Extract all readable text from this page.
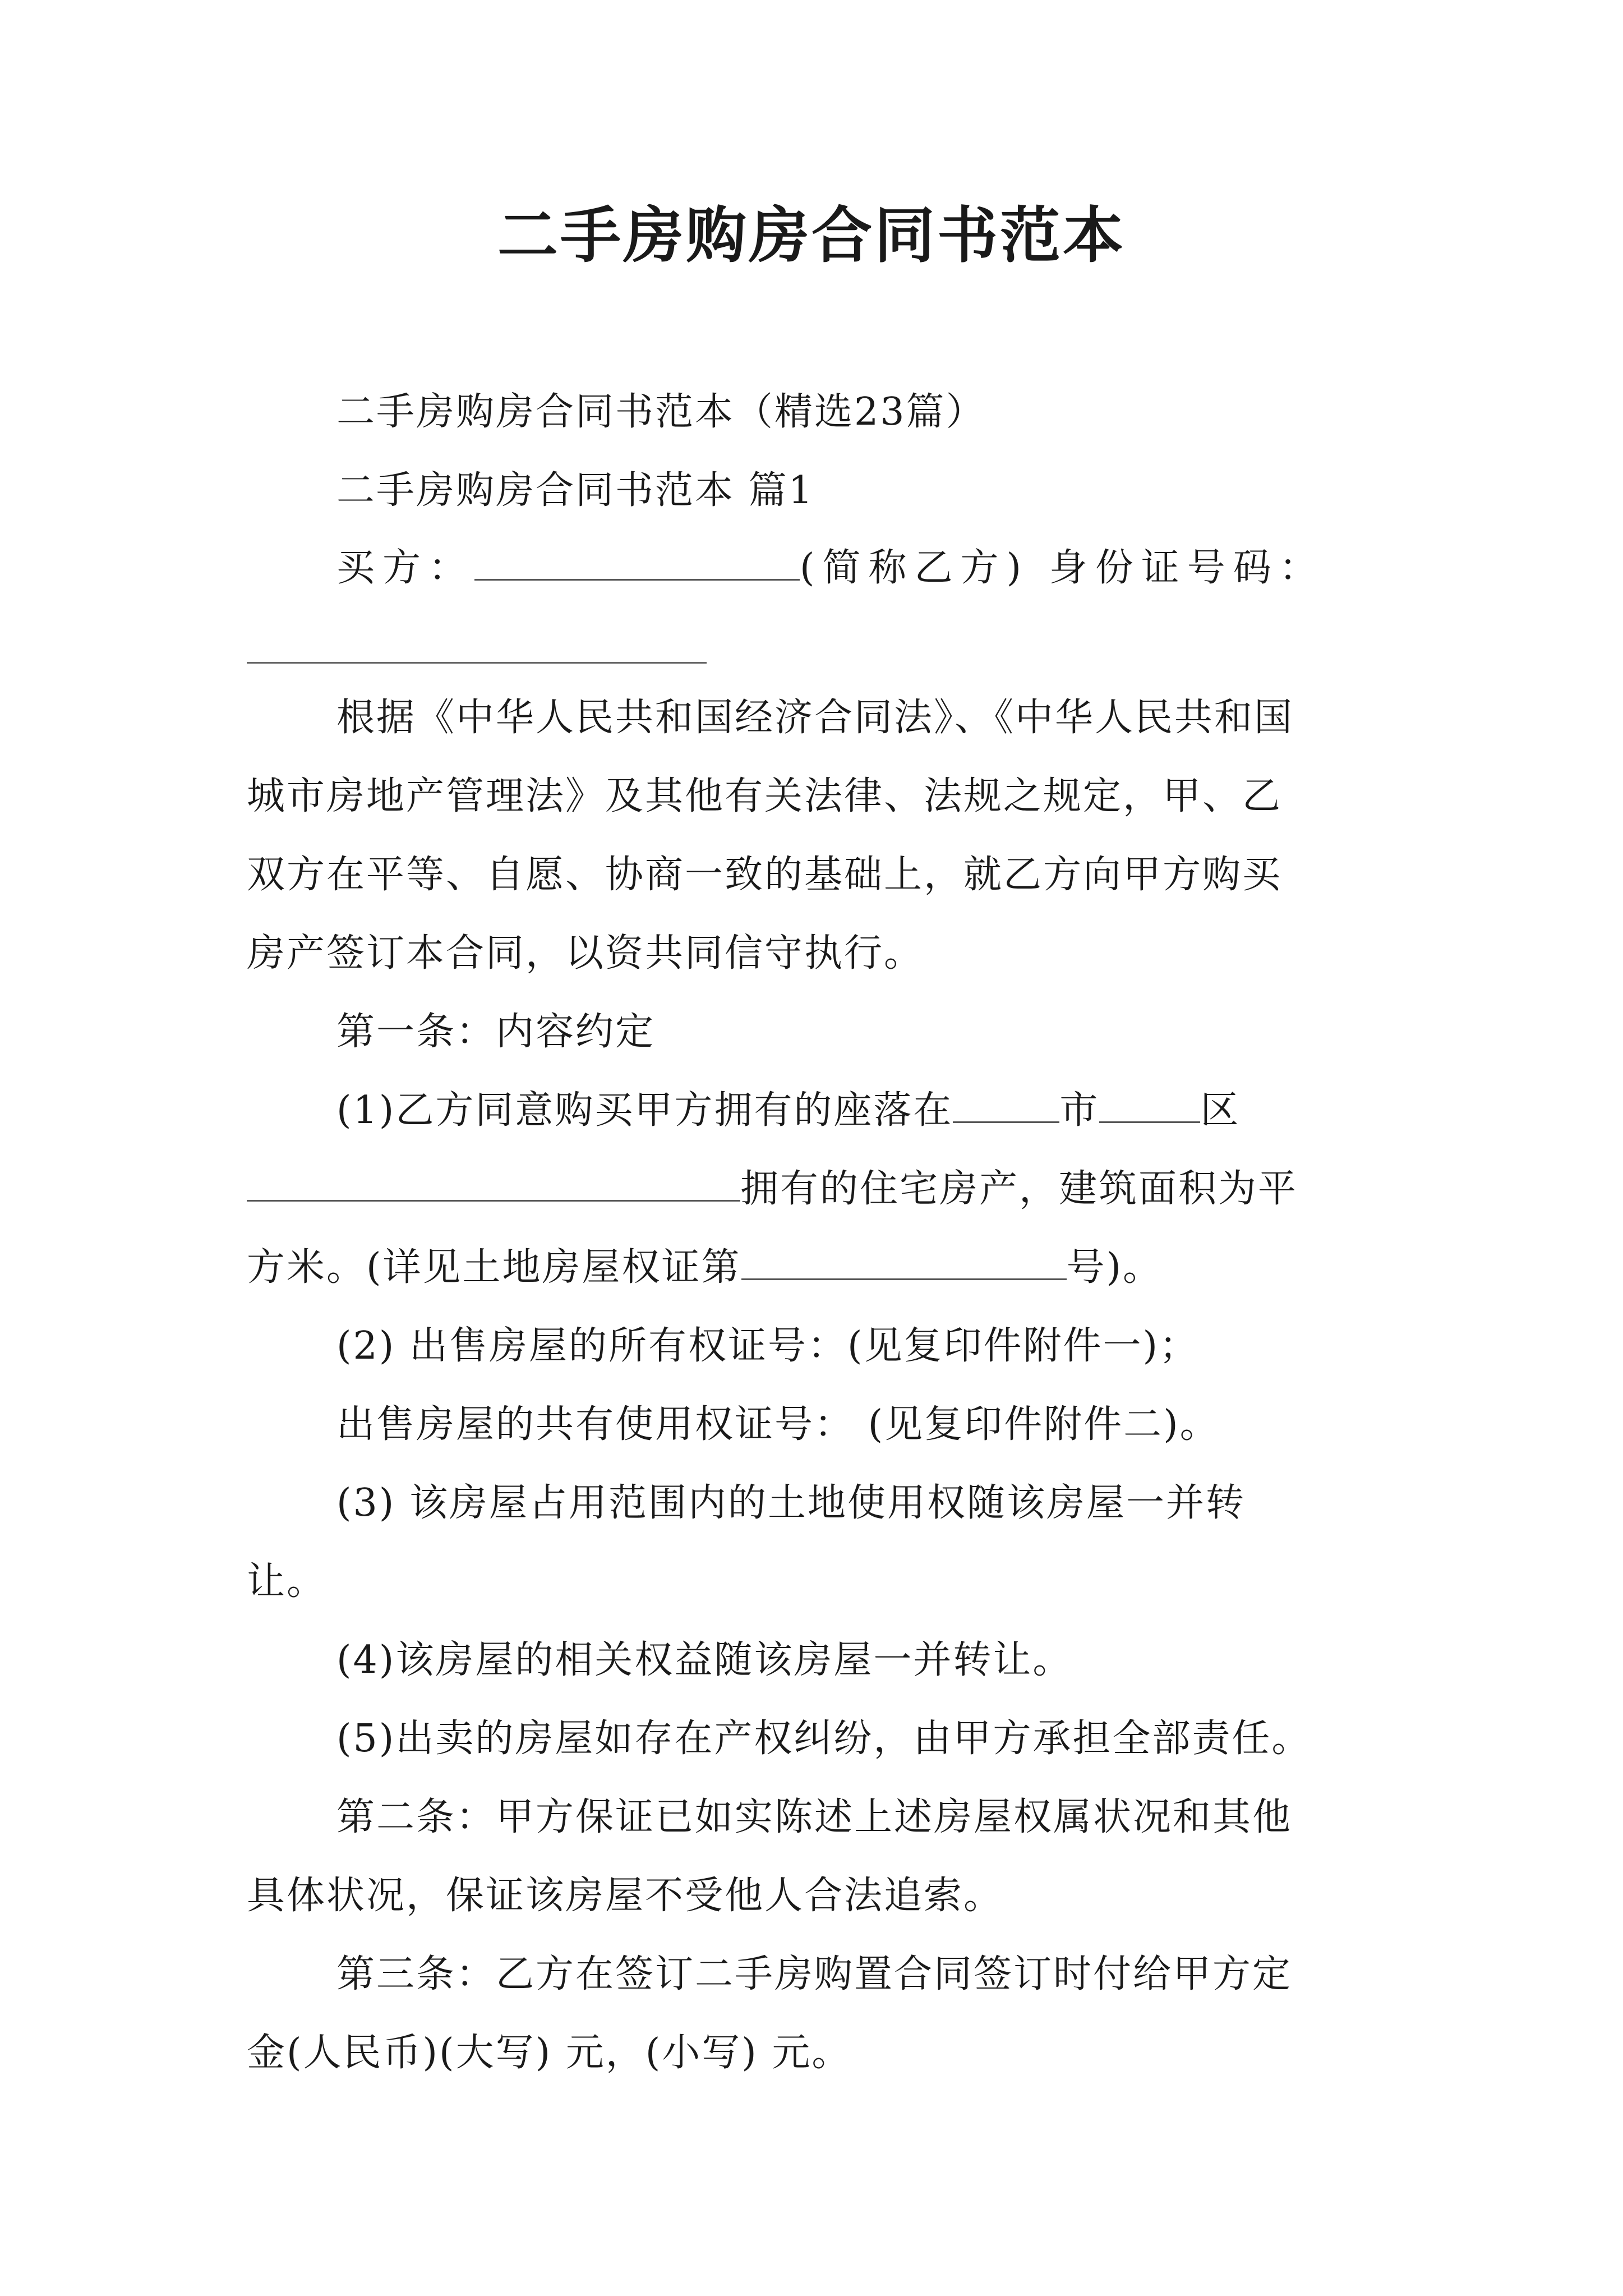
二手房购房合同书范本
二手房购房合同书范本（精选23篇）
二手房购房合同书范本 篇1
买方：	(简称乙方) 身份证号码：
根据《中华人民共和国经济合同法》、《中华人民共和国
城市房地产管理法》及其他有关法律、法规之规定，甲、乙
双方在平等、自愿、协商一致的基础上，就乙方向甲方购买
房产签订本合同，以资共同信守执行。
第一条：内容约定
(1)乙方同意购买甲方拥有的座落在	市	区
拥有的住宅房产，建筑面积为平
方米。(详见土地房屋权证第	号)。
(2) 出售房屋的所有权证号：(见复印件附件一)；
出售房屋的共有使用权证号： (见复印件附件二)。
(3) 该房屋占用范围内的土地使用权随该房屋一并转
让。
(4)该房屋的相关权益随该房屋一并转让。
(5)出卖的房屋如存在产权纠纷，由甲方承担全部责任。
第二条：甲方保证已如实陈述上述房屋权属状况和其他
具体状况，保证该房屋不受他人合法追索。
第三条：乙方在签订二手房购置合同签订时付给甲方定
金(人民币)(大写) 元，(小写) 元。
